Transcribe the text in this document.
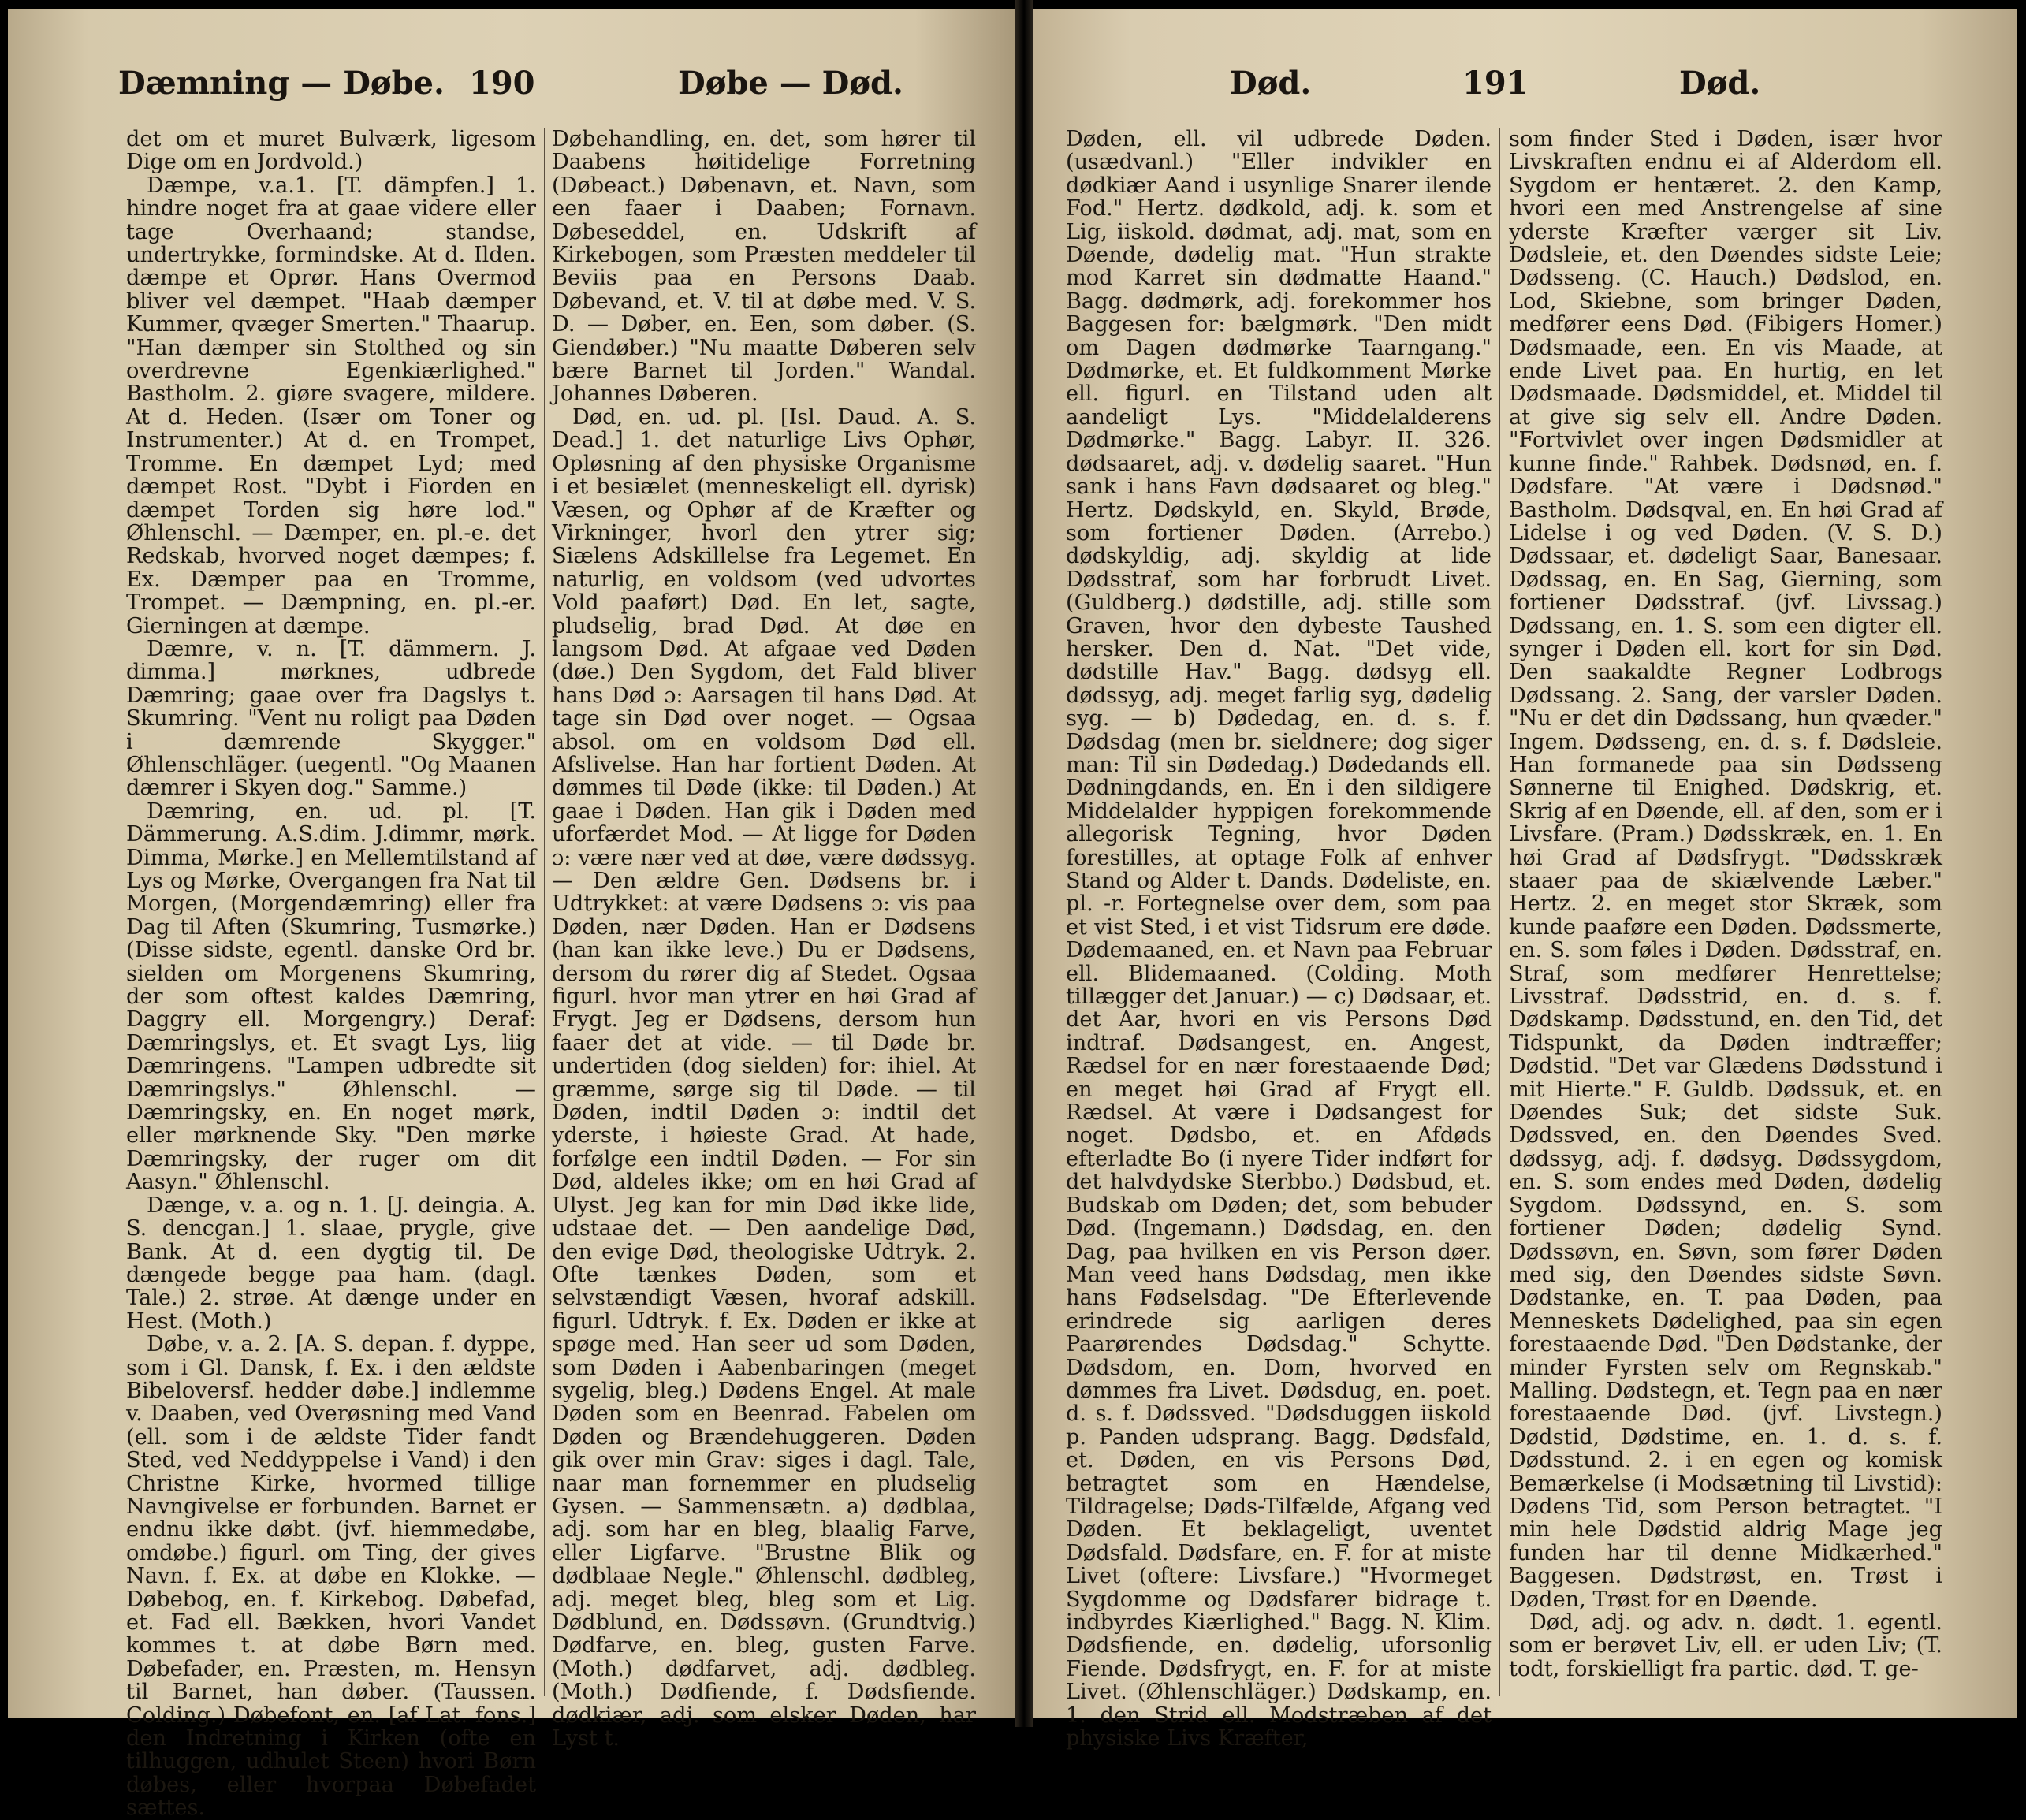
Dæmning — Døbe. 190	Døbe — Død.

det om et muret Bulværk, ligesom Dige om en Jordvold.)

Dæmpe, v.a.1. [T. dämpfen.] 1. hindre noget fra at gaae videre eller tage Overhaand; standse, undertrykke, formindske. At d. Ilden. dæmpe et Oprør. Hans Overmod bliver vel dæmpet. "Haab dæmper Kummer, qvæger Smerten." Thaarup. "Han dæmper sin Stolthed og sin overdrevne Egenkiærlighed." Bastholm. 2. giøre svagere, mildere. At d. Heden. (Især om Toner og Instrumenter.) At d. en Trompet, Tromme. En dæmpet Lyd; med dæmpet Rost. "Dybt i Fiorden en dæmpet Torden sig høre lod." Øhlenschl. — Dæmper, en. pl.-e. det Redskab, hvorved noget dæmpes; f. Ex. Dæmper paa en Tromme, Trompet. — Dæmpning, en. pl.-er. Gierningen at dæmpe.

Dæmre, v. n. [T. dämmern. J. dimma.] mørknes, udbrede Dæmring; gaae over fra Dagslys t. Skumring. "Vent nu roligt paa Døden i dæmrende Skygger." Øhlenschläger. (uegentl. "Og Maanen dæmrer i Skyen dog." Samme.)

Dæmring, en. ud. pl. [T. Dämmerung. A.S.dim. J.dimmr, mørk. Dimma, Mørke.] en Mellemtilstand af Lys og Mørke, Overgangen fra Nat til Morgen, (Morgendæmring) eller fra Dag til Aften (Skumring, Tusmørke.) (Disse sidste, egentl. danske Ord br. sielden om Morgenens Skumring, der som oftest kaldes Dæmring, Daggry ell. Morgengry.) Deraf: Dæmringslys, et. Et svagt Lys, liig Dæmringens. "Lampen udbredte sit Dæmringslys." Øhlenschl. — Dæmringsky, en. En noget mørk, eller mørknende Sky. "Den mørke Dæmringsky, der ruger om dit Aasyn." Øhlenschl.

Dænge, v. a. og n. 1. [J. deingia. A. S. dencgan.] 1. slaae, prygle, give Bank. At d. een dygtig til. De dængede begge paa ham. (dagl. Tale.) 2. strøe. At dænge under en Hest. (Moth.)

Døbe, v. a. 2. [A. S. depan. f. dyppe, som i Gl. Dansk, f. Ex. i den ældste Bibeloversf. hedder døbe.] indlemme v. Daaben, ved Overøsning med Vand (ell. som i de ældste Tider fandt Sted, ved Neddyppelse i Vand) i den Christne Kirke, hvormed tillige Navngivelse er forbunden. Barnet er endnu ikke døbt. (jvf. hiemmedøbe, omdøbe.) figurl. om Ting, der gives Navn. f. Ex. at døbe en Klokke. — Døbebog, en. f. Kirkebog. Døbefad, et. Fad ell. Bækken, hvori Vandet kommes t. at døbe Børn med. Døbefader, en. Præsten, m. Hensyn til Barnet, han døber. (Taussen. Colding.) Døbefont, en. [af Lat. fons.] den Indretning i Kirken (ofte en tilhuggen, udhulet Steen) hvori Børn døbes, eller hvorpaa Døbefadet sættes.

Døbehandling, en. det, som hører til Daabens høitidelige Forretning (Døbeact.) Døbenavn, et. Navn, som een faaer i Daaben; Fornavn. Døbeseddel, en. Udskrift af Kirkebogen, som Præsten meddeler til Beviis paa en Persons Daab. Døbevand, et. V. til at døbe med. V. S. D. — Døber, en. Een, som døber. (S. Giendøber.) "Nu maatte Døberen selv bære Barnet til Jorden." Wandal. Johannes Døberen.

Død, en. ud. pl. [Isl. Daud. A. S. Dead.] 1. det naturlige Livs Ophør, Opløsning af den physiske Organisme i et besiælet (menneskeligt ell. dyrisk) Væsen, og Ophør af de Kræfter og Virkninger, hvorl den ytrer sig; Siælens Adskillelse fra Legemet. En naturlig, en voldsom (ved udvortes Vold paaført) Død. En let, sagte, pludselig, brad Død. At døe en langsom Død. At afgaae ved Døden (døe.) Den Sygdom, det Fald bliver hans Død ɔ: Aarsagen til hans Død. At tage sin Død over noget. — Ogsaa absol. om en voldsom Død ell. Afslivelse. Han har fortient Døden. At dømmes til Døde (ikke: til Døden.) At gaae i Døden. Han gik i Døden med uforfærdet Mod. — At ligge for Døden ɔ: være nær ved at døe, være dødssyg. — Den ældre Gen. Dødsens br. i Udtrykket: at være Dødsens ɔ: vis paa Døden, nær Døden. Han er Dødsens (han kan ikke leve.) Du er Dødsens, dersom du rører dig af Stedet. Ogsaa figurl. hvor man ytrer en høi Grad af Frygt. Jeg er Dødsens, dersom hun faaer det at vide. — til Døde br. undertiden (dog sielden) for: ihiel. At græmme, sørge sig til Døde. — til Døden, indtil Døden ɔ: indtil det yderste, i høieste Grad. At hade, forfølge een indtil Døden. — For sin Død, aldeles ikke; om en høi Grad af Ulyst. Jeg kan for min Død ikke lide, udstaae det. — Den aandelige Død, den evige Død, theologiske Udtryk. 2. Ofte tænkes Døden, som et selvstændigt Væsen, hvoraf adskill. figurl. Udtryk. f. Ex. Døden er ikke at spøge med. Han seer ud som Døden, som Døden i Aabenbaringen (meget sygelig, bleg.) Dødens Engel. At male Døden som en Beenrad. Fabelen om Døden og Brændehuggeren. Døden gik over min Grav: siges i dagl. Tale, naar man fornemmer en pludselig Gysen. — Sammensætn. a) dødblaa, adj. som har en bleg, blaalig Farve, eller Ligfarve. "Brustne Blik og dødblaae Negle." Øhlenschl. dødbleg, adj. meget bleg, bleg som et Lig. Dødblund, en. Dødssøvn. (Grundtvig.) Dødfarve, en. bleg, gusten Farve. (Moth.) dødfarvet, adj. dødbleg. (Moth.) Dødfiende, f. Dødsfiende. dødkiær, adj. som elsker Døden, har Lyst t.

Død.	191	Død.

Døden, ell. vil udbrede Døden. (usædvanl.) "Eller indvikler en dødkiær Aand i usynlige Snarer ilende Fod." Hertz. dødkold, adj. k. som et Lig, iiskold. dødmat, adj. mat, som en Døende, dødelig mat. "Hun strakte mod Karret sin dødmatte Haand." Bagg. dødmørk, adj. forekommer hos Baggesen for: bælgmørk. "Den midt om Dagen dødmørke Taarngang." Dødmørke, et. Et fuldkomment Mørke ell. figurl. en Tilstand uden alt aandeligt Lys. "Middelalderens Dødmørke." Bagg. Labyr. II. 326. dødsaaret, adj. v. dødelig saaret. "Hun sank i hans Favn dødsaaret og bleg." Hertz. Dødskyld, en. Skyld, Brøde, som fortiener Døden. (Arrebo.) dødskyldig, adj. skyldig at lide Dødsstraf, som har forbrudt Livet. (Guldberg.) dødstille, adj. stille som Graven, hvor den dybeste Taushed hersker. Den d. Nat. "Det vide, dødstille Hav." Bagg. dødsyg ell. dødssyg, adj. meget farlig syg, dødelig syg. — b) Dødedag, en. d. s. f. Dødsdag (men br. sieldnere; dog siger man: Til sin Dødedag.) Dødedands ell. Dødningdands, en. En i den sildigere Middelalder hyppigen forekommende allegorisk Tegning, hvor Døden forestilles, at optage Folk af enhver Stand og Alder t. Dands. Dødeliste, en. pl. -r. Fortegnelse over dem, som paa et vist Sted, i et vist Tidsrum ere døde. Dødemaaned, en. et Navn paa Februar ell. Blidemaaned. (Colding. Moth tillægger det Januar.) — c) Dødsaar, et. det Aar, hvori en vis Persons Død indtraf. Dødsangest, en. Angest, Rædsel for en nær forestaaende Død; en meget høi Grad af Frygt ell. Rædsel. At være i Dødsangest for noget. Dødsbo, et. en Afdøds efterladte Bo (i nyere Tider indført for det halvdydske Sterbbo.) Dødsbud, et. Budskab om Døden; det, som bebuder Død. (Ingemann.) Dødsdag, en. den Dag, paa hvilken en vis Person døer. Man veed hans Dødsdag, men ikke hans Fødselsdag. "De Efterlevende erindrede sig aarligen deres Paarørendes Dødsdag." Schytte. Dødsdom, en. Dom, hvorved en dømmes fra Livet. Dødsdug, en. poet. d. s. f. Dødssved. "Dødsduggen iiskold p. Panden udsprang. Bagg. Dødsfald, et. Døden, en vis Persons Død, betragtet som en Hændelse, Tildragelse; Døds-Tilfælde, Afgang ved Døden. Et beklageligt, uventet Dødsfald. Dødsfare, en. F. for at miste Livet (oftere: Livsfare.) "Hvormeget Sygdomme og Dødsfarer bidrage t. indbyrdes Kiærlighed." Bagg. N. Klim. Dødsfiende, en. dødelig, uforsonlig Fiende. Dødsfrygt, en. F. for at miste Livet. (Øhlenschläger.) Dødskamp, en. 1. den Strid ell. Modstræben af det physiske Livs Kræfter,

som finder Sted i Døden, især hvor Livskraften endnu ei af Alderdom ell. Sygdom er hentæret. 2. den Kamp, hvori een med Anstrengelse af sine yderste Kræfter værger sit Liv. Dødsleie, et. den Døendes sidste Leie; Dødsseng. (C. Hauch.) Dødslod, en. Lod, Skiebne, som bringer Døden, medfører eens Død. (Fibigers Homer.) Dødsmaade, een. En vis Maade, at ende Livet paa. En hurtig, en let Dødsmaade. Dødsmiddel, et. Middel til at give sig selv ell. Andre Døden. "Fortvivlet over ingen Dødsmidler at kunne finde." Rahbek. Dødsnød, en. f. Dødsfare. "At være i Dødsnød." Bastholm. Dødsqval, en. En høi Grad af Lidelse i og ved Døden. (V. S. D.) Dødssaar, et. dødeligt Saar, Banesaar. Dødssag, en. En Sag, Gierning, som fortiener Dødsstraf. (jvf. Livssag.) Dødssang, en. 1. S. som een digter ell. synger i Døden ell. kort for sin Død. Den saakaldte Regner Lodbrogs Dødssang. 2. Sang, der varsler Døden. "Nu er det din Dødssang, hun qvæder." Ingem. Dødsseng, en. d. s. f. Dødsleie. Han formanede paa sin Dødsseng Sønnerne til Enighed. Dødskrig, et. Skrig af en Døende, ell. af den, som er i Livsfare. (Pram.) Dødsskræk, en. 1. En høi Grad af Dødsfrygt. "Dødsskræk staaer paa de skiælvende Læber." Hertz. 2. en meget stor Skræk, som kunde paaføre een Døden. Dødssmerte, en. S. som føles i Døden. Dødsstraf, en. Straf, som medfører Henrettelse; Livsstraf. Dødsstrid, en. d. s. f. Dødskamp. Dødsstund, en. den Tid, det Tidspunkt, da Døden indtræffer; Dødstid. "Det var Glædens Dødsstund i mit Hierte." F. Guldb. Dødssuk, et. en Døendes Suk; det sidste Suk. Dødssved, en. den Døendes Sved. dødssyg, adj. f. dødsyg. Dødssygdom, en. S. som endes med Døden, dødelig Sygdom. Dødssynd, en. S. som fortiener Døden; dødelig Synd. Dødssøvn, en. Søvn, som fører Døden med sig, den Døendes sidste Søvn. Dødstanke, en. T. paa Døden, paa Menneskets Dødelighed, paa sin egen forestaaende Død. "Den Dødstanke, der minder Fyrsten selv om Regnskab." Malling. Dødstegn, et. Tegn paa en nær forestaaende Død. (jvf. Livstegn.) Dødstid, Dødstime, en. 1. d. s. f. Dødsstund. 2. i en egen og komisk Bemærkelse (i Modsætning til Livstid): Dødens Tid, som Person betragtet. "I min hele Dødstid aldrig Mage jeg funden har til denne Midkærhed." Baggesen. Dødstrøst, en. Trøst i Døden, Trøst for en Døende.

Død, adj. og adv. n. dødt. 1. egentl. som er berøvet Liv, ell. er uden Liv; (T. todt, forskielligt fra partic. død. T. ge-
